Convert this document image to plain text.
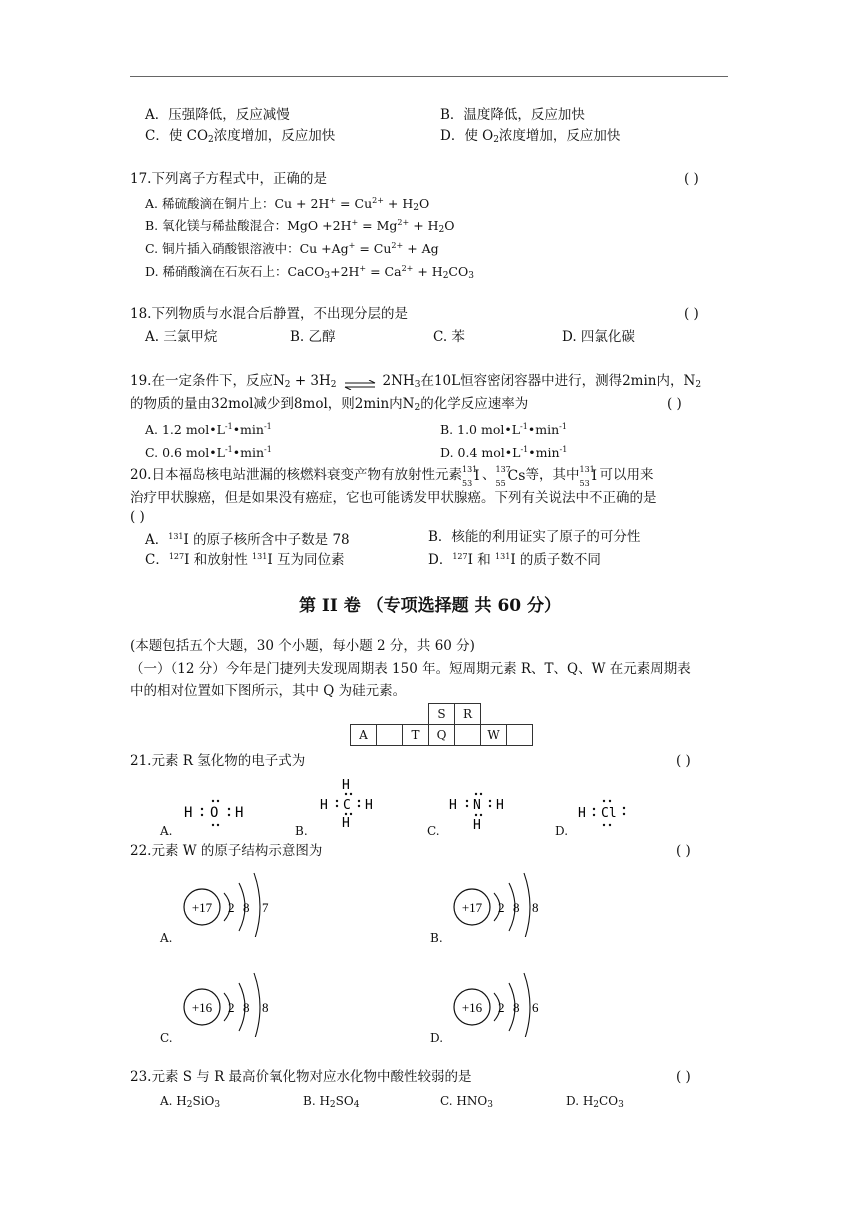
A．压强降低，反应减慢	B．温度降低，反应加快
C．使 $CO_2$浓度增加，反应加快	D．使 $O_2$浓度增加，反应加快
17.下列离子方程式中，正确的是	( )
A. 稀硫酸滴在铜片上：$Cu + 2H^+ = Cu^{2+} + H_2O$
B. 氧化镁与稀盐酸混合：MgO $+2H^+ = Mg^{2+} + H_2O$
C. 铜片插入硝酸银溶液中：$Cu +Ag^+ = Cu^{2+} + Ag$
D. 稀硝酸滴在石灰石上：CaCO$_3$+2H+ = $Ca^{2+} + H_2CO_3$
18.下列物质与水混合后静置，不出现分层的是	( )
A. 三氯甲烷	B. 乙醇	C. 苯	D. 四氯化碳
19.在一定条件下，反应$N_2 + 3H_2$ ⇌ $2NH_3$在10L恒容密闭容器中进行，测得2min内，$N_2$
的物质的量由32mol减少到8mol，则2min内$N_2$的化学反应速率为	( )
A. 1.2 $mol•L^{-1}•\min^{-1}$	B. 1.0 $mol•L^{-1}•\min^{-1}$
C. 0.6 $mol•L^{-1}•\min^{-1}$	D. 0.4 $mol•L^{-1}•\min^{-1}$
20.日本福岛核电站泄漏的核燃料衰变产物有放射性元素 131
53 I 、 137
55 Cs 等，其中 131
53 I 可以用来
治疗甲状腺癌，但是如果没有癌症，它也可能诱发甲状腺癌。下列有关说法中不正确的是
( )
A．$^{131}$I 的原子核所含中子数是 78	B．核能的利用证实了原子的可分性
C．$^{127}$I 和放射性 $^{131}$I 互为同位素	D．$^{127}$I 和 $^{131}$I 的质子数不同
第 II 卷 （专项选择题 共 60 分）
(本题包括五个大题，30 个小题，每小题 2 分，共 60 分)
（一）（12 分）今年是门捷列夫发现周期表 150 年。短周期元素 R、T、Q、W 在元素周期表
中的相对位置如下图所示，其中 Q 为硅元素。
			S	R		
A		T	Q		W	
21.元素 R 氢化物的电子式为	( )
A.	B.	C.	D.
H O H
H
H C H
H
H N H
H
H Cl
22.元素 W 的原子结构示意图为	( )
+17 2 8 7
A.
+17 2 8 8
B.
+16 2 8 8
C.
+16 2 8 6
D.
23.元素 S 与 R 最高价氧化物对应水化物中酸性较弱的是	( )
A. $H_2SiO_3$	B. $H_2SO_4$	C. $HNO_3$	D. $H_2CO_3$
